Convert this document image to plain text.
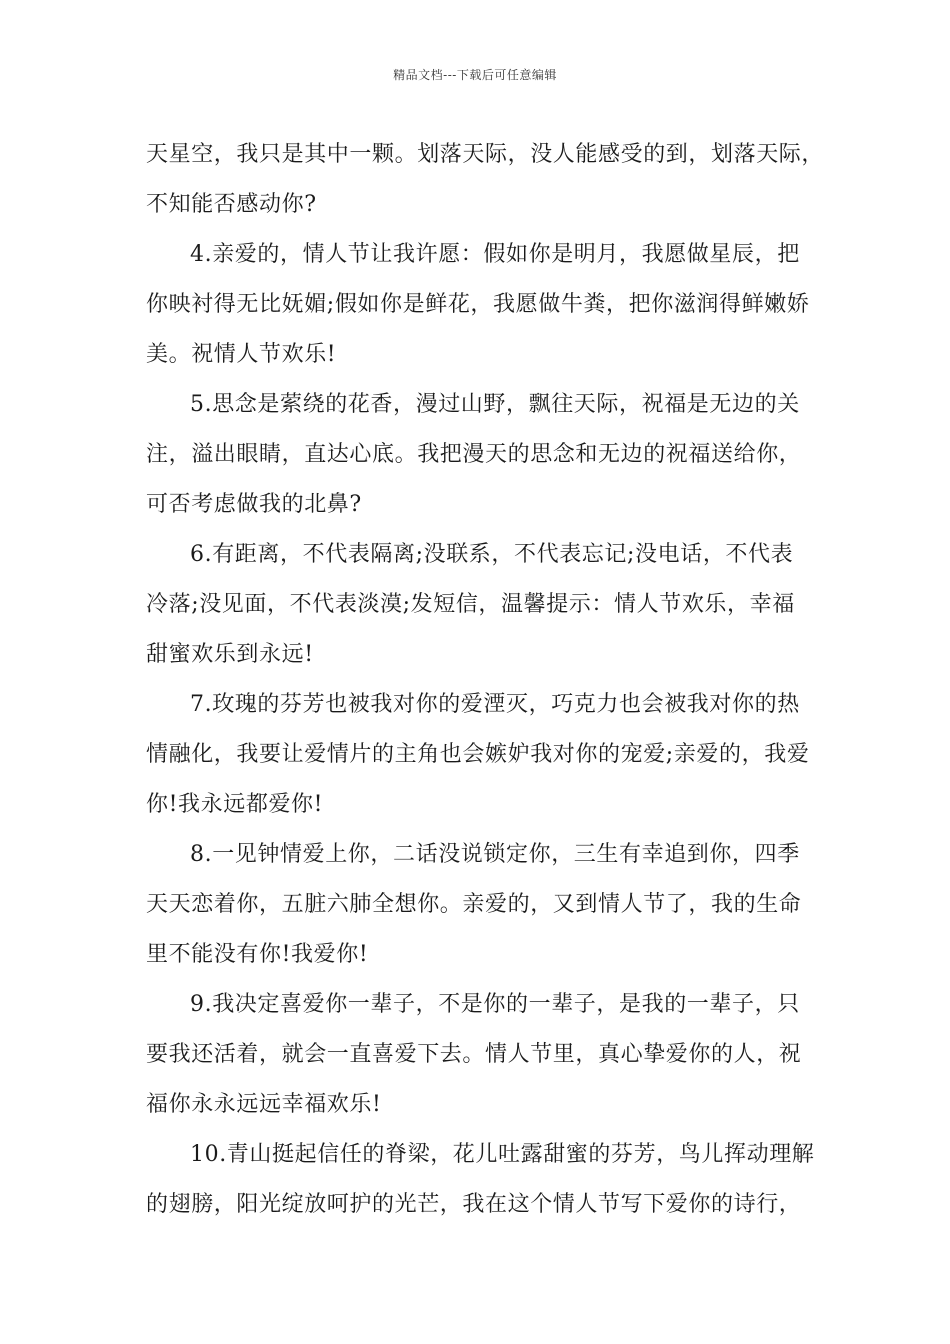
精品文档---下载后可任意编辑
天星空，我只是其中一颗。划落天际，没人能感受的到，划落天际，
不知能否感动你?
4.亲爱的，情人节让我许愿：假如你是明月，我愿做星辰，把
你映衬得无比妩媚;假如你是鲜花，我愿做牛粪，把你滋润得鲜嫩娇
美。祝情人节欢乐!
5.思念是萦绕的花香，漫过山野，飘往天际，祝福是无边的关
注，溢出眼睛，直达心底。我把漫天的思念和无边的祝福送给你，
可否考虑做我的北鼻?
6.有距离，不代表隔离;没联系，不代表忘记;没电话，不代表
冷落;没见面，不代表淡漠;发短信，温馨提示：情人节欢乐，幸福
甜蜜欢乐到永远!
7.玫瑰的芬芳也被我对你的爱湮灭，巧克力也会被我对你的热
情融化，我要让爱情片的主角也会嫉妒我对你的宠爱;亲爱的，我爱
你!我永远都爱你!
8.一见钟情爱上你，二话没说锁定你，三生有幸追到你，四季
天天恋着你，五脏六肺全想你。亲爱的，又到情人节了，我的生命
里不能没有你!我爱你!
9.我决定喜爱你一辈子，不是你的一辈子，是我的一辈子，只
要我还活着，就会一直喜爱下去。情人节里，真心挚爱你的人，祝
福你永永远远幸福欢乐!
10.青山挺起信任的脊梁，花儿吐露甜蜜的芬芳，鸟儿挥动理解
的翅膀，阳光绽放呵护的光芒，我在这个情人节写下爱你的诗行，
